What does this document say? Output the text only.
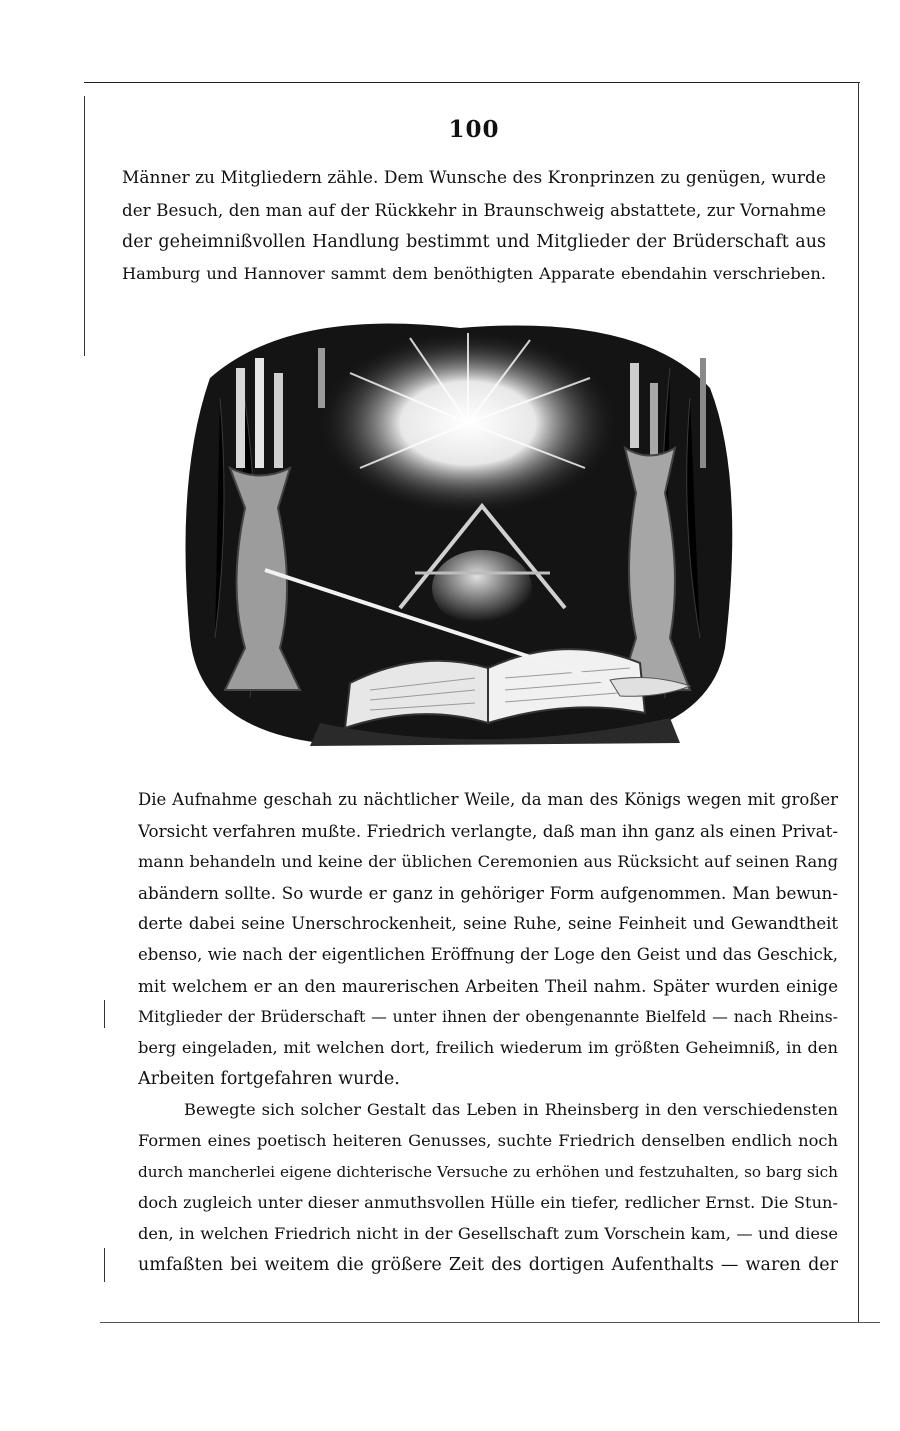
100
Männer zu Mitgliedern zähle. Dem Wunsche des Kronprinzen zu genügen, wurde
der Besuch, den man auf der Rückkehr in Braunschweig abstattete, zur Vornahme
der geheimnißvollen Handlung bestimmt und Mitglieder der Brüderschaft aus
Hamburg und Hannover sammt dem benöthigten Apparate ebendahin verschrieben.
Die Aufnahme geschah zu nächtlicher Weile, da man des Königs wegen mit großer
Vorsicht verfahren mußte. Friedrich verlangte, daß man ihn ganz als einen Privat-
mann behandeln und keine der üblichen Ceremonien aus Rücksicht auf seinen Rang
abändern sollte. So wurde er ganz in gehöriger Form aufgenommen. Man bewun-
derte dabei seine Unerschrockenheit, seine Ruhe, seine Feinheit und Gewandtheit
ebenso, wie nach der eigentlichen Eröffnung der Loge den Geist und das Geschick,
mit welchem er an den maurerischen Arbeiten Theil nahm. Später wurden einige
Mitglieder der Brüderschaft — unter ihnen der obengenannte Bielfeld — nach Rheins-
berg eingeladen, mit welchen dort, freilich wiederum im größten Geheimniß, in den
Arbeiten fortgefahren wurde.
Bewegte sich solcher Gestalt das Leben in Rheinsberg in den verschiedensten
Formen eines poetisch heiteren Genusses, suchte Friedrich denselben endlich noch
durch mancherlei eigene dichterische Versuche zu erhöhen und festzuhalten, so barg sich
doch zugleich unter dieser anmuthsvollen Hülle ein tiefer, redlicher Ernst. Die Stun-
den, in welchen Friedrich nicht in der Gesellschaft zum Vorschein kam, — und diese
umfaßten bei weitem die größere Zeit des dortigen Aufenthalts — waren der
